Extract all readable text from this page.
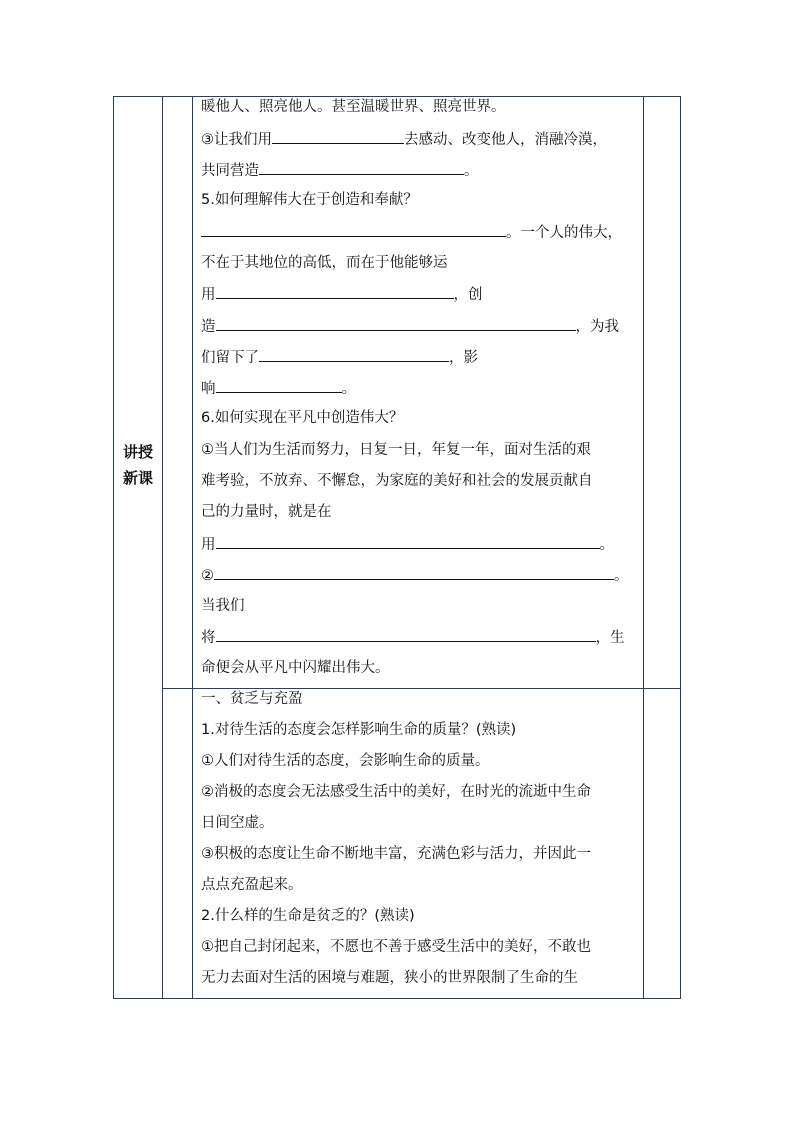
讲授
新课
暖他人、照亮他人。甚至温暖世界、照亮世界。
③让我们用	去感动、改变他人，消融冷漠，
共同营造	。
5.如何理解伟大在于创造和奉献？
。一个人的伟大，
不在于其地位的高低，而在于他能够运
用	，创
造	，为我
们留下了	，影
响	。
6.如何实现在平凡中创造伟大？
①当人们为生活而努力，日复一日，年复一年，面对生活的艰
难考验，不放弃、不懈怠，为家庭的美好和社会的发展贡献自
己的力量时，就是在
用	。
②	。
当我们
将	，生
命便会从平凡中闪耀出伟大。
一、贫乏与充盈
1.对待生活的态度会怎样影响生命的质量？(熟读)
①人们对待生活的态度，会影响生命的质量。
②消极的态度会无法感受生活中的美好，在时光的流逝中生命
日间空虚。
③积极的态度让生命不断地丰富，充满色彩与活力，并因此一
点点充盈起来。
2.什么样的生命是贫乏的？(熟读)
①把自己封闭起来，不愿也不善于感受生活中的美好，不敢也
无力去面对生活的困境与难题，狭小的世界限制了生命的生
